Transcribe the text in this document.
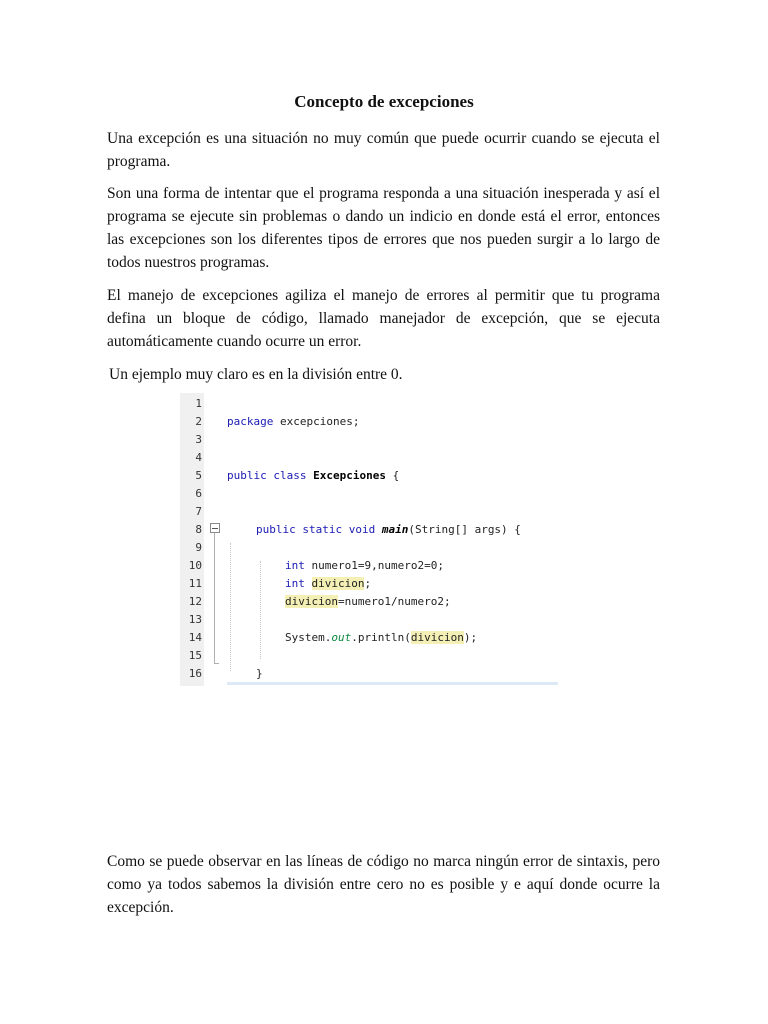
Concepto de excepciones
Una excepción es una situación no muy común que puede ocurrir cuando se ejecuta el programa.
Son una forma de intentar que el programa responda a una situación inesperada y así el programa se ejecute sin problemas o dando un indicio en donde está el error, entonces las excepciones son los diferentes tipos de errores que nos pueden surgir a lo largo de todos nuestros programas.
El manejo de excepciones agiliza el manejo de errores al permitir que tu programa defina un bloque de código, llamado manejador de excepción, que se ejecuta automáticamente cuando ocurre un error.
Un ejemplo muy claro es en la división entre 0.
1
2
3
4
5
6
7
8
9
10
11
12
13
14
15
16
package excepciones;
public class Excepciones {
public static void main(String[] args) {
int numero1=9,numero2=0;
int divicion;
divicion=numero1/numero2;
System.out.println(divicion);
}
Como se puede observar en las líneas de código no marca ningún error de sintaxis, pero como ya todos sabemos la división entre cero no es posible y e aquí donde ocurre la excepción.
